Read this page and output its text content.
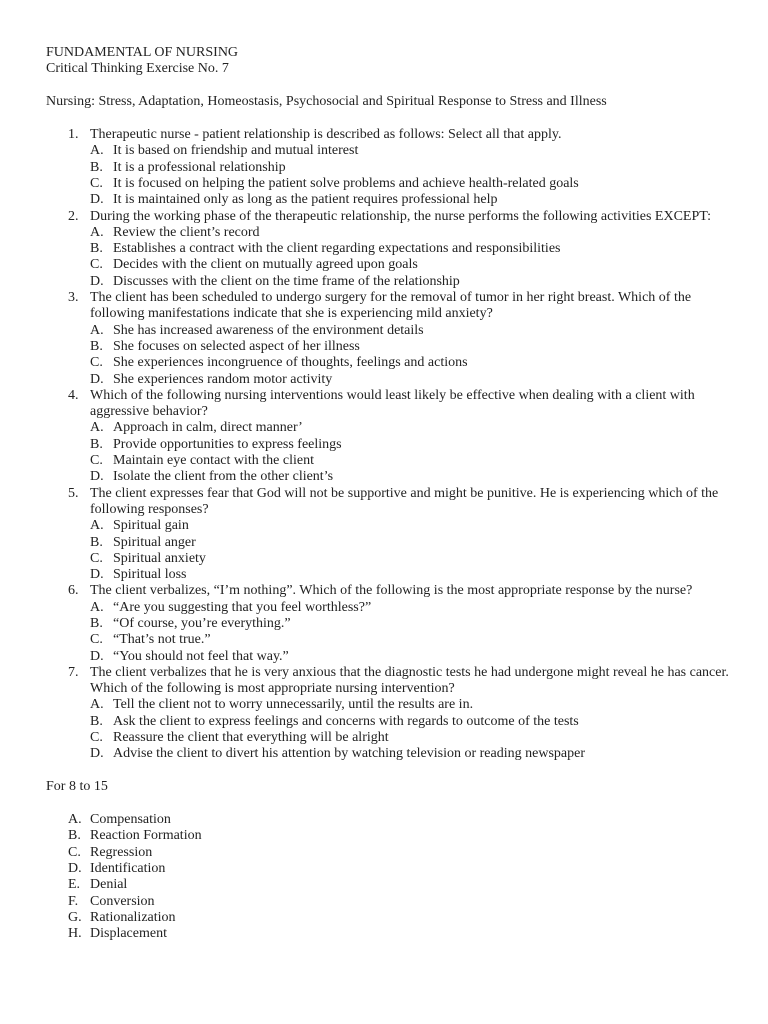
FUNDAMENTAL OF NURSING
Critical Thinking Exercise No. 7
Nursing: Stress, Adaptation, Homeostasis, Psychosocial and Spiritual Response to Stress and Illness
1. Therapeutic nurse - patient relationship is described as follows: Select all that apply.
A. It is based on friendship and mutual interest
B. It is a professional relationship
C. It is focused on helping the patient solve problems and achieve health-related goals
D. It is maintained only as long as the patient requires professional help
2. During the working phase of the therapeutic relationship, the nurse performs the following activities EXCEPT:
A. Review the client’s record
B. Establishes a contract with the client regarding expectations and responsibilities
C. Decides with the client on mutually agreed upon goals
D. Discusses with the client on the time frame of the relationship
3. The client has been scheduled to undergo surgery for the removal of tumor in her right breast. Which of the following manifestations indicate that she is experiencing mild anxiety?
A. She has increased awareness of the environment details
B. She focuses on selected aspect of her illness
C. She experiences incongruence of thoughts, feelings and actions
D. She experiences random motor activity
4. Which of the following nursing interventions would least likely be effective when dealing with a client with aggressive behavior?
A. Approach in calm, direct manner’
B. Provide opportunities to express feelings
C. Maintain eye contact with the client
D. Isolate the client from the other client’s
5. The client expresses fear that God will not be supportive and might be punitive. He is experiencing which of the following responses?
A. Spiritual gain
B. Spiritual anger
C. Spiritual anxiety
D. Spiritual loss
6. The client verbalizes, “I’m nothing”. Which of the following is the most appropriate response by the nurse?
A. “Are you suggesting that you feel worthless?”
B. “Of course, you’re everything.”
C. “That’s not true.”
D. “You should not feel that way.”
7. The client verbalizes that he is very anxious that the diagnostic tests he had undergone might reveal he has cancer. Which of the following is most appropriate nursing intervention?
A. Tell the client not to worry unnecessarily, until the results are in.
B. Ask the client to express feelings and concerns with regards to outcome of the tests
C. Reassure the client that everything will be alright
D. Advise the client to divert his attention by watching television or reading newspaper
For 8 to 15
A. Compensation
B. Reaction Formation
C. Regression
D. Identification
E. Denial
F. Conversion
G. Rationalization
H. Displacement
